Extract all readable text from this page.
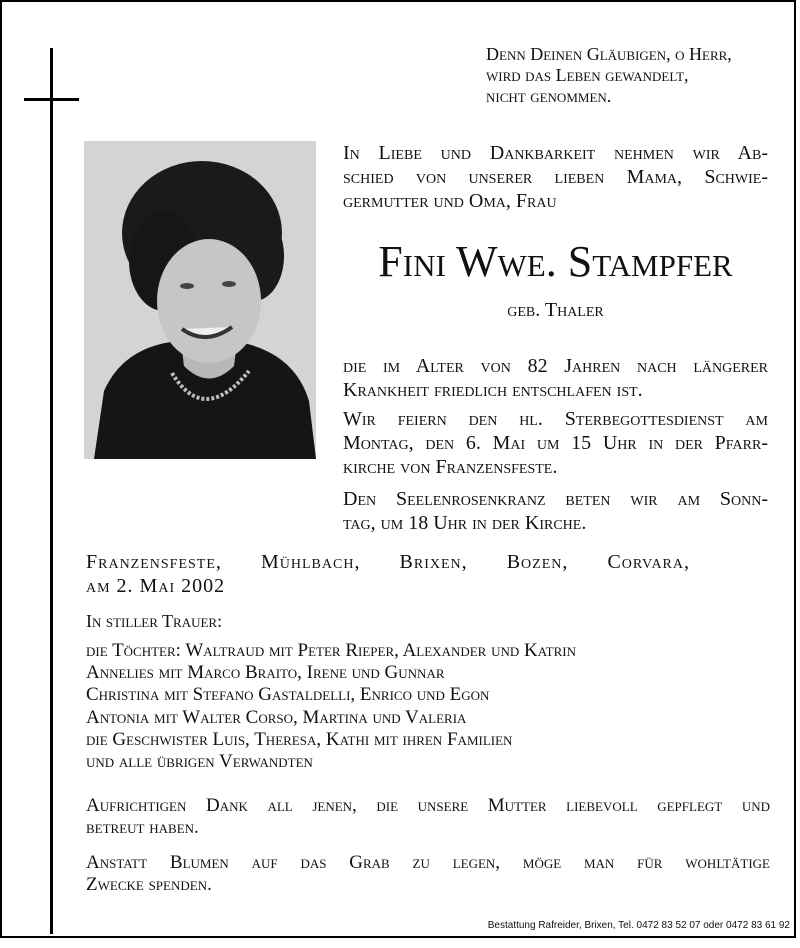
Denn Deinen Gläubigen, o Herr,
wird das Leben gewandelt,
nicht genommen.
In Liebe und Dankbarkeit nehmen wir Ab-
schied von unserer lieben Mama, Schwie-
germutter und Oma, Frau
Fini Wwe. Stampfer
geb. Thaler
die im Alter von 82 Jahren nach längerer
Krankheit friedlich entschlafen ist.
Wir feiern den hl. Sterbegottesdienst am
Montag, den 6. Mai um 15 Uhr in der Pfarr-
kirche von Franzensfeste.
Den Seelenrosenkranz beten wir am Sonn-
tag, um 18 Uhr in der Kirche.
Franzensfeste, Mühlbach, Brixen, Bozen, Corvara,
am 2. Mai 2002
In stiller Trauer:
die Töchter: Waltraud mit Peter Rieper, Alexander und Katrin
Annelies mit Marco Braito, Irene und Gunnar
Christina mit Stefano Gastaldelli, Enrico und Egon
Antonia mit Walter Corso, Martina und Valeria
die Geschwister Luis, Theresa, Kathi mit ihren Familien
und alle übrigen Verwandten
Aufrichtigen Dank all jenen, die unsere Mutter liebevoll gepflegt und
betreut haben.
Anstatt Blumen auf das Grab zu legen, möge man für wohltätige
Zwecke spenden.
Bestattung Rafreider, Brixen, Tel. 0472 83 52 07 oder 0472 83 61 92
